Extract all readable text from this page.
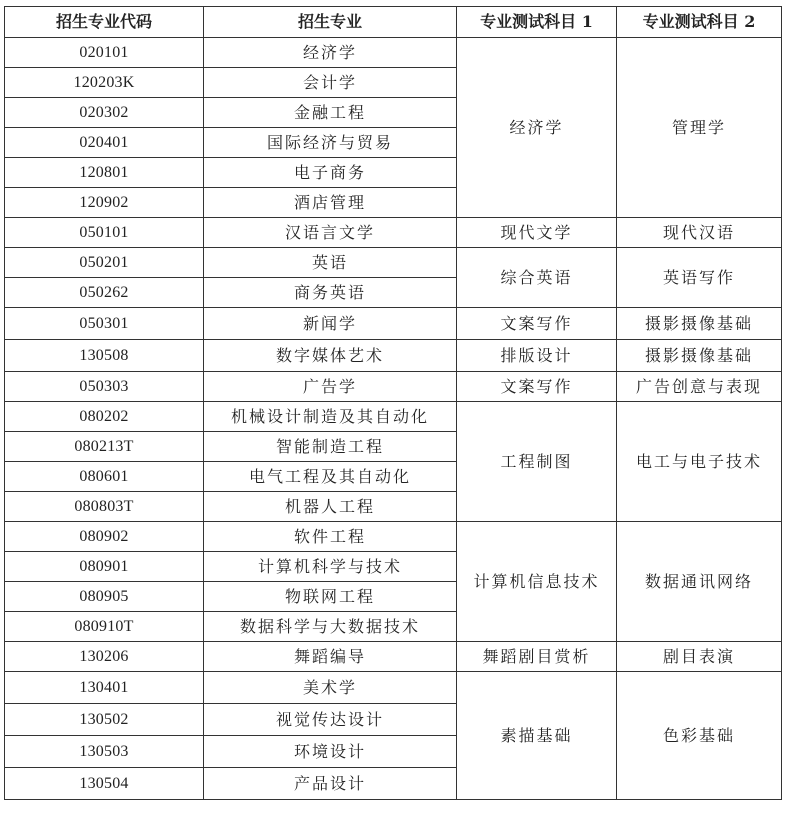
招生专业代码	招生专业	专业测试科目 1	专业测试科目 2
020101	经济学	经济学	管理学
120203K	会计学		
020302	金融工程		
020401	国际经济与贸易		
120801	电子商务		
120902	酒店管理		
050101	汉语言文学	现代文学	现代汉语
050201	英语	综合英语	英语写作
050262	商务英语		
050301	新闻学	文案写作	摄影摄像基础
130508	数字媒体艺术	排版设计	摄影摄像基础
050303	广告学	文案写作	广告创意与表现
080202	机械设计制造及其自动化	工程制图	电工与电子技术
080213T	智能制造工程		
080601	电气工程及其自动化		
080803T	机器人工程		
080902	软件工程	计算机信息技术	数据通讯网络
080901	计算机科学与技术		
080905	物联网工程		
080910T	数据科学与大数据技术		
130206	舞蹈编导	舞蹈剧目赏析	剧目表演
130401	美术学	素描基础	色彩基础
130502	视觉传达设计		
130503	环境设计		
130504	产品设计		
